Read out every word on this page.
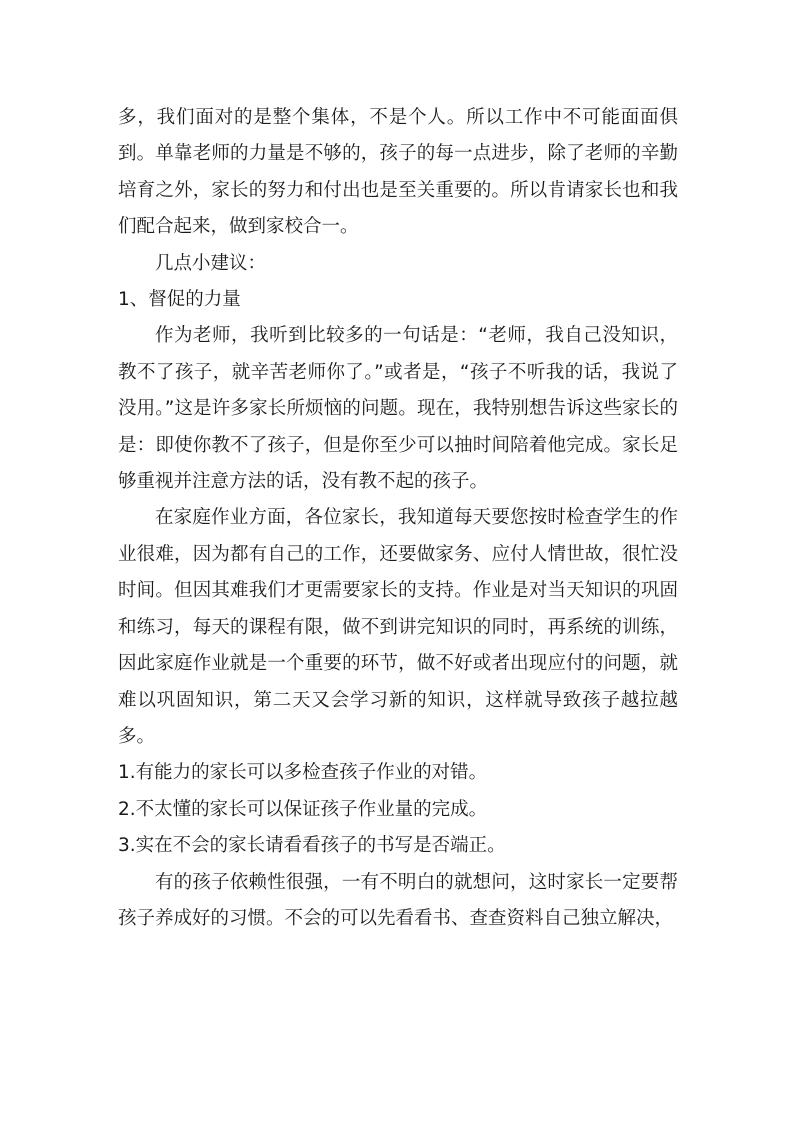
多，我们面对的是整个集体，不是个人。所以工作中不可能面面俱到。单靠老师的力量是不够的，孩子的每一点进步，除了老师的辛勤培育之外，家长的努力和付出也是至关重要的。所以肯请家长也和我们配合起来，做到家校合一。

几点小建议：

1、督促的力量

作为老师，我听到比较多的一句话是：“老师，我自己没知识，教不了孩子，就辛苦老师你了。”或者是，“孩子不听我的话，我说了没用。”这是许多家长所烦恼的问题。现在，我特别想告诉这些家长的是：即使你教不了孩子，但是你至少可以抽时间陪着他完成。家长足够重视并注意方法的话，没有教不起的孩子。

在家庭作业方面，各位家长，我知道每天要您按时检查学生的作业很难，因为都有自己的工作，还要做家务、应付人情世故，很忙没时间。但因其难我们才更需要家长的支持。作业是对当天知识的巩固和练习，每天的课程有限，做不到讲完知识的同时，再系统的训练，因此家庭作业就是一个重要的环节，做不好或者出现应付的问题，就难以巩固知识，第二天又会学习新的知识，这样就导致孩子越拉越多。

1.有能力的家长可以多检查孩子作业的对错。

2.不太懂的家长可以保证孩子作业量的完成。

3.实在不会的家长请看看孩子的书写是否端正。

有的孩子依赖性很强，一有不明白的就想问，这时家长一定要帮孩子养成好的习惯。不会的可以先看看书、查查资料自己独立解决，
